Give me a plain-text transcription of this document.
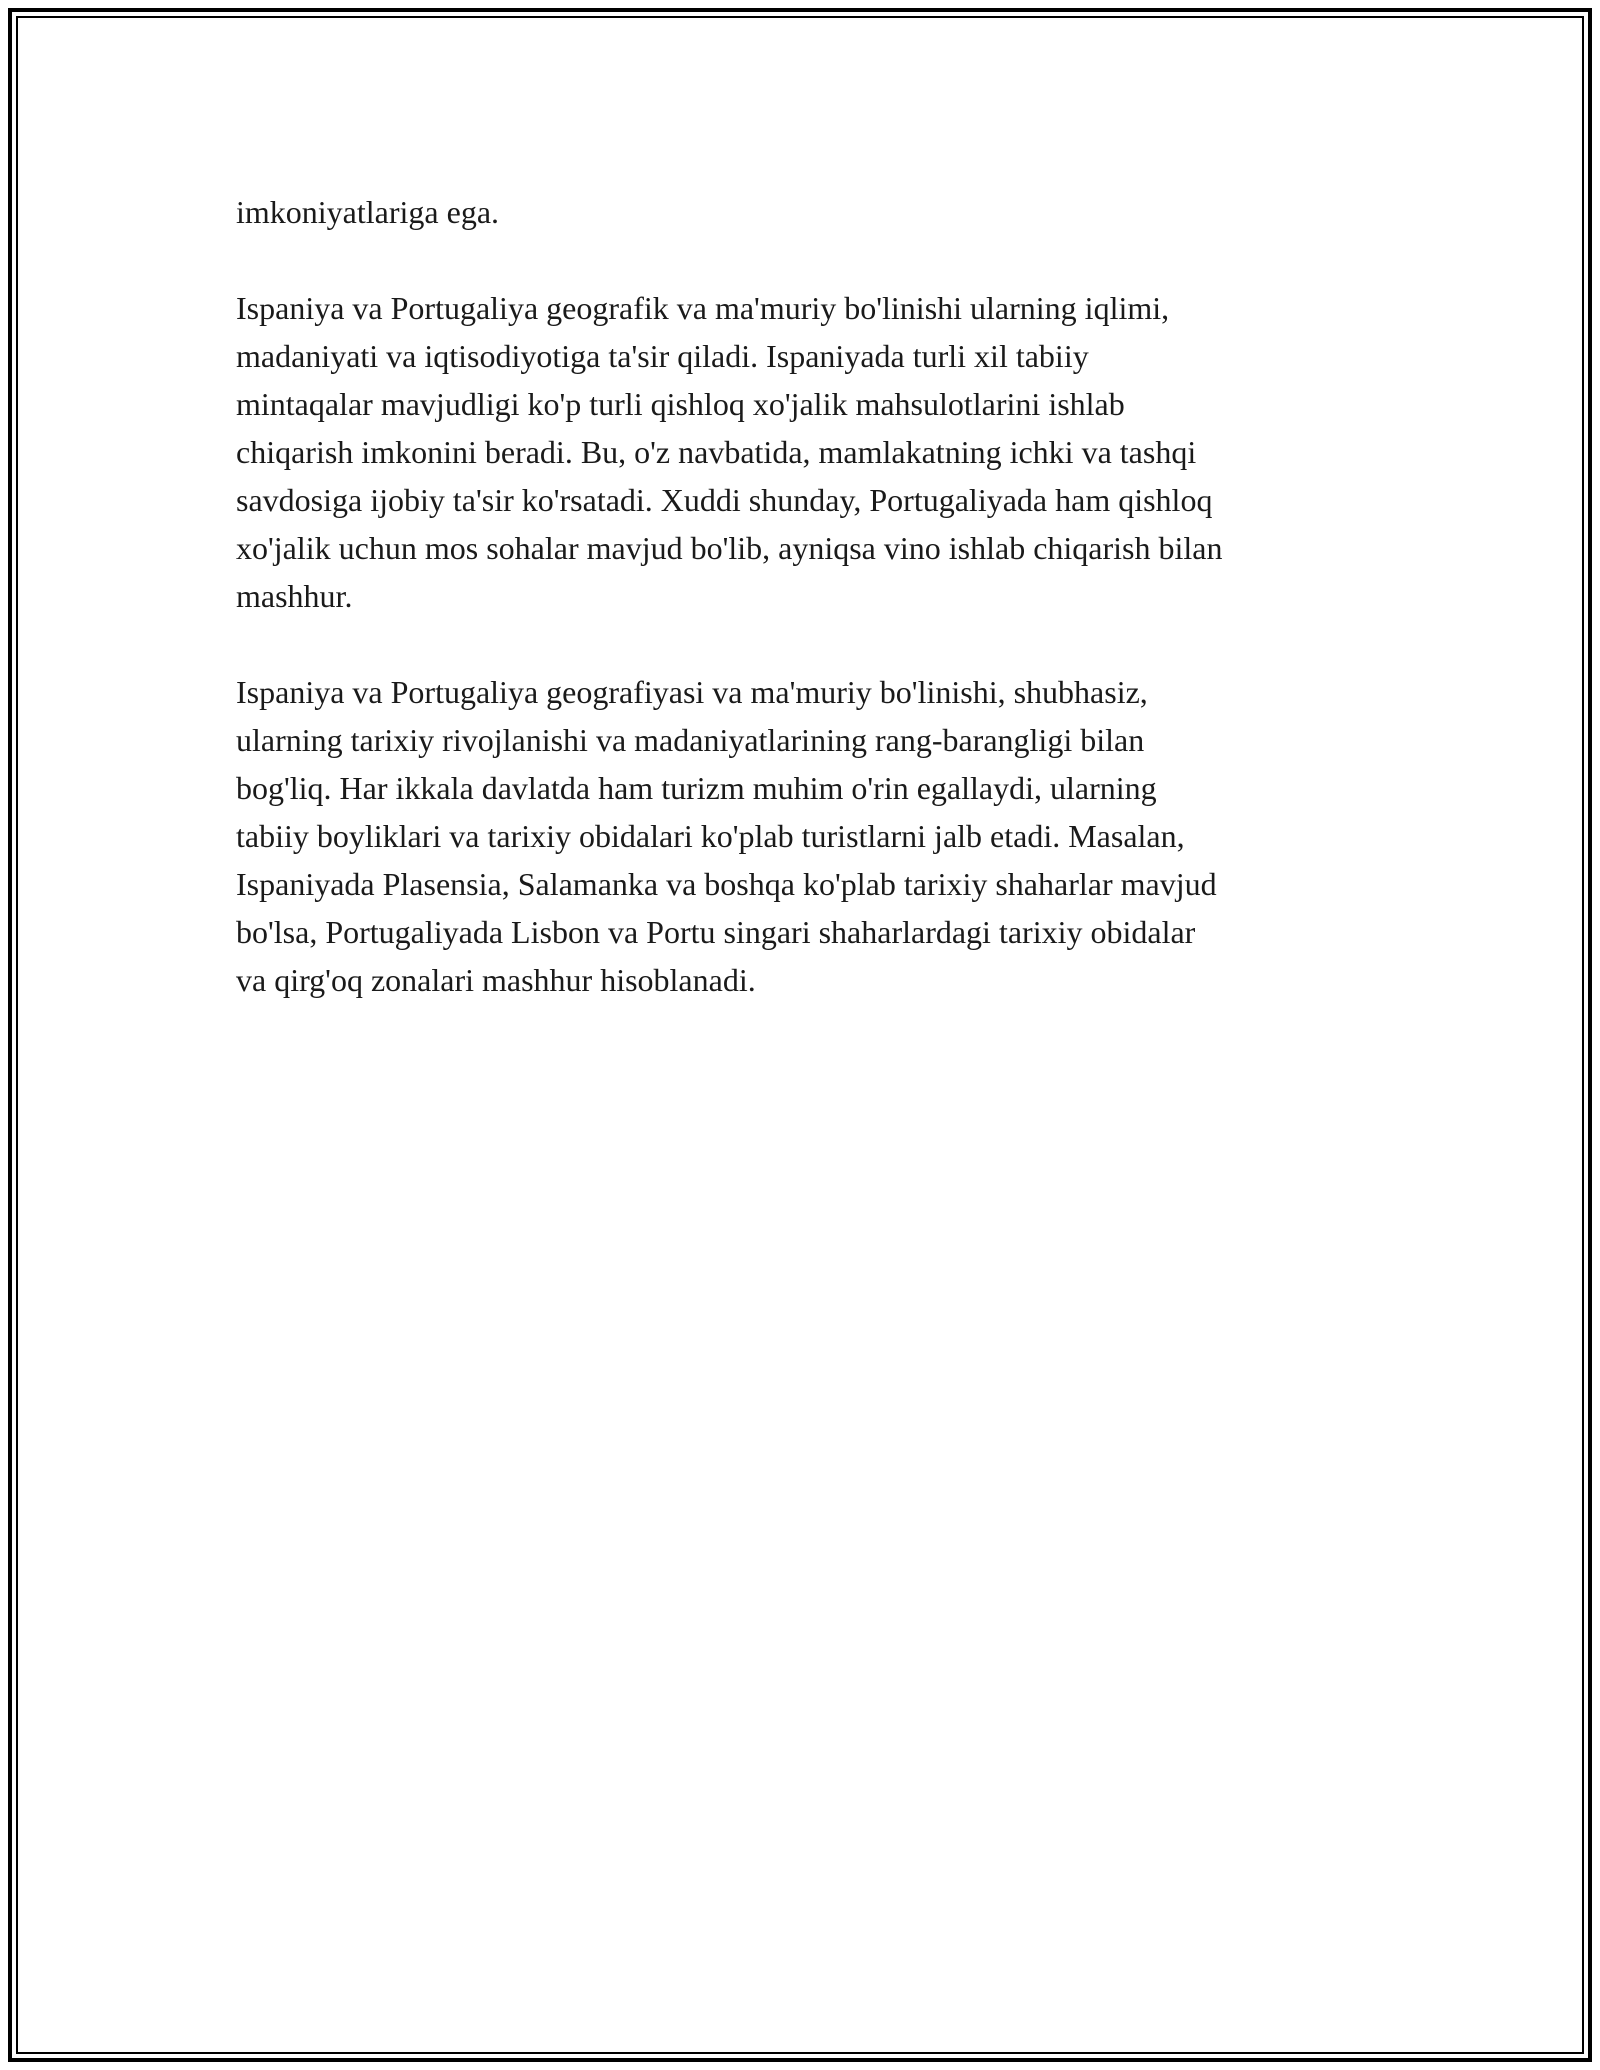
imkoniyatlariga ega.

Ispaniya va Portugaliya geografik va ma'muriy bo'linishi ularning iqlimi,
madaniyati va iqtisodiyotiga ta'sir qiladi. Ispaniyada turli xil tabiiy
mintaqalar mavjudligi ko'p turli qishloq xo'jalik mahsulotlarini ishlab
chiqarish imkonini beradi. Bu, o'z navbatida, mamlakatning ichki va tashqi
savdosiga ijobiy ta'sir ko'rsatadi. Xuddi shunday, Portugaliyada ham qishloq
xo'jalik uchun mos sohalar mavjud bo'lib, ayniqsa vino ishlab chiqarish bilan
mashhur.

Ispaniya va Portugaliya geografiyasi va ma'muriy bo'linishi, shubhasiz,
ularning tarixiy rivojlanishi va madaniyatlarining rang-barangligi bilan
bog'liq. Har ikkala davlatda ham turizm muhim o'rin egallaydi, ularning
tabiiy boyliklari va tarixiy obidalari ko'plab turistlarni jalb etadi. Masalan,
Ispaniyada Plasensia, Salamanka va boshqa ko'plab tarixiy shaharlar mavjud
bo'lsa, Portugaliyada Lisbon va Portu singari shaharlardagi tarixiy obidalar
va qirg'oq zonalari mashhur hisoblanadi.
